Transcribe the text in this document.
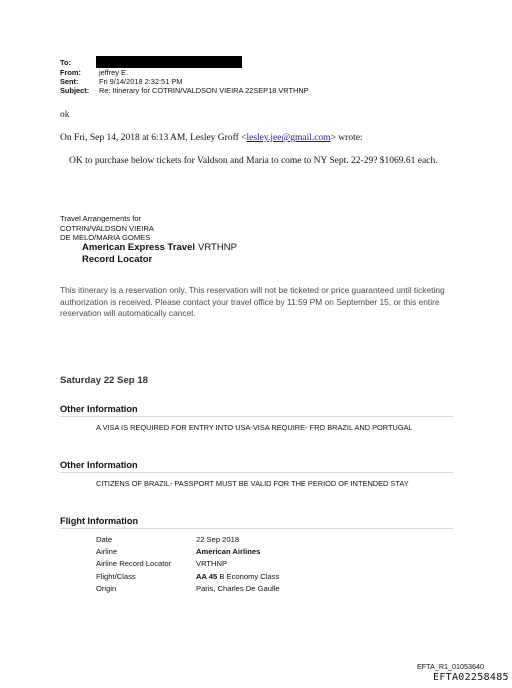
To:
From:	jeffrey E.
Sent:	Fri 9/14/2018 2:32:51 PM
Subject:	Re: Itinerary for COTRIN/VALDSON VIEIRA 22SEP18 VRTHNP
ok
On Fri, Sep 14, 2018 at 6:13 AM, Lesley Groff <lesley.jee@gmail.com> wrote:
OK to purchase below tickets for Valdson and Maria to come to NY Sept. 22-29? $1069.61 each.
Travel Arrangements for
COTRIN/VALDSON VIEIRA
DE MELO/MARIA GOMES
American Express Travel VRTHNP
Record Locator
This itinerary is a reservation only. This reservation will not be ticketed or price guaranteed until ticketing authorization is received. Please contact your travel office by 11:59 PM on September 15, or this entire reservation will automatically cancel.
Saturday 22 Sep 18
Other Information
A VISA IS REQUIRED FOR ENTRY INTO USA-VISA REQUIRE- FRO BRAZIL AND PORTUGAL
Other Information
CITIZENS OF BRAZIL- PASSPORT MUST BE VALID FOR THE PERIOD OF INTENDED STAY
Flight Information
Date	22 Sep 2018
Airline	American Airlines
Airline Record Locator	VRTHNP
Flight/Class	AA 45 B Economy Class
Origin	Paris, Charles De Gaulle
EFTA_R1_01053640
EFTA02258485
